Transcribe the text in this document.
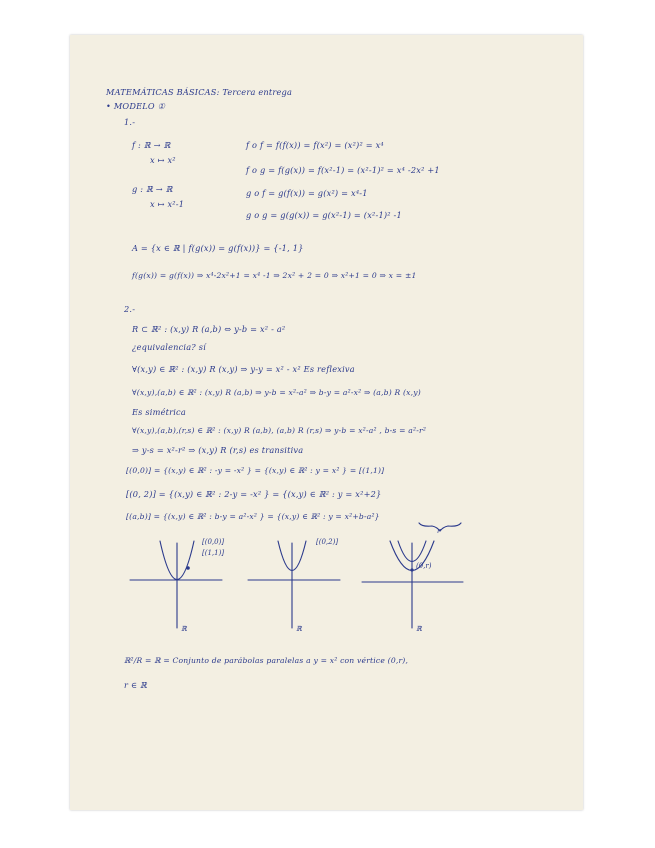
MATEMÁTICAS BÁSICAS: Tercera entrega
• MODELO ①
1.-
f : ℝ → ℝ
x ↦ x²
g : ℝ → ℝ
x ↦ x²-1
f o f = f(f(x)) = f(x²) = (x²)² = x⁴
f o g = f(g(x)) = f(x²-1) = (x²-1)² = x⁴ -2x² +1
g o f = g(f(x)) = g(x²) = x⁴-1
g o g = g(g(x)) = g(x²-1) = (x²-1)² -1
A = {x ∈ ℝ | f(g(x)) = g(f(x))} = {-1, 1}
f(g(x)) = g(f(x)) ⇒ x⁴-2x²+1 = x⁴ -1 ⇒ 2x² + 2 = 0 ⇒ x²+1 = 0 ⇒ x = ±1
2.-
R ⊂ ℝ² : (x,y) R (a,b) ⇔ y-b = x² - a²
¿equivalencia? sí
∀(x,y) ∈ ℝ² : (x,y) R (x,y) ⇒ y-y = x² - x² Es reflexiva
∀(x,y),(a,b) ∈ ℝ² : (x,y) R (a,b) ⇒ y-b = x²-a² ⇒ b-y = a²-x² ⇒ (a,b) R (x,y)
Es simétrica
∀(x,y),(a,b),(r,s) ∈ ℝ² : (x,y) R (a,b), (a,b) R (r,s) ⇒ y-b = x²-a² , b-s = a²-r²
⇒ y-s = x²-r² ⇒ (x,y) R (r,s) es transitiva
[(0,0)] = {(x,y) ∈ ℝ² : -y = -x² } = {(x,y) ∈ ℝ² : y = x² } = [(1,1)]
[(0, 2)] = {(x,y) ∈ ℝ² : 2-y = -x² } = {(x,y) ∈ ℝ² : y = x²+2}
[(a,b)] = {(x,y) ∈ ℝ² : b-y = a²-x² } = {(x,y) ∈ ℝ² : y = x²+b-a²}
r
[(0,0)]
[(1,1)]
ℝ
[(0,2)]
ℝ
(0,r)
ℝ
ℝ²/R = ℝ = Conjunto de parábolas paralelas a y = x² con vértice (0,r),
r ∈ ℝ
